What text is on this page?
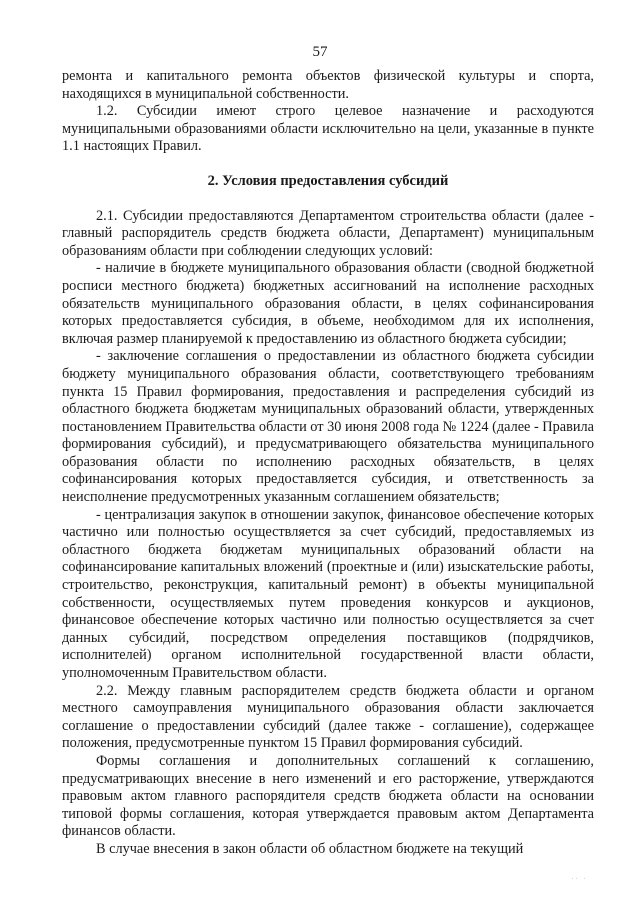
57

ремонта и капитального ремонта объектов физической культуры и спорта, находящихся в муниципальной собственности.

1.2. Субсидии имеют строго целевое назначение и расходуются муниципальными образованиями области исключительно на цели, указанные в пункте 1.1 настоящих Правил.

2. Условия предоставления субсидий

2.1. Субсидии предоставляются Департаментом строительства области (далее - главный распорядитель средств бюджета области, Департамент) муниципальным образованиям области при соблюдении следующих условий:

- наличие в бюджете муниципального образования области (сводной бюджетной росписи местного бюджета) бюджетных ассигнований на исполнение расходных обязательств муниципального образования области, в целях софинансирования которых предоставляется субсидия, в объеме, необходимом для их исполнения, включая размер планируемой к предоставлению из областного бюджета субсидии;

- заключение соглашения о предоставлении из областного бюджета субсидии бюджету муниципального образования области, соответствующего требованиям пункта 15 Правил формирования, предоставления и распределения субсидий из областного бюджета бюджетам муниципальных образований области, утвержденных постановлением Правительства области от 30 июня 2008 года № 1224 (далее - Правила формирования субсидий), и предусматривающего обязательства муниципального образования области по исполнению расходных обязательств, в целях софинансирования которых предоставляется субсидия, и ответственность за неисполнение предусмотренных указанным соглашением обязательств;

- централизация закупок в отношении закупок, финансовое обеспечение которых частично или полностью осуществляется за счет субсидий, предоставляемых из областного бюджета бюджетам муниципальных образований области на софинансирование капитальных вложений (проектные и (или) изыскательские работы, строительство, реконструкция, капитальный ремонт) в объекты муниципальной собственности, осуществляемых путем проведения конкурсов и аукционов, финансовое обеспечение которых частично или полностью осуществляется за счет данных субсидий, посредством определения поставщиков (подрядчиков, исполнителей) органом исполнительной государственной власти области, уполномоченным Правительством области.

2.2. Между главным распорядителем средств бюджета области и органом местного самоуправления муниципального образования области заключается соглашение о предоставлении субсидий (далее также - соглашение), содержащее положения, предусмотренные пунктом 15 Правил формирования субсидий.

Формы соглашения и дополнительных соглашений к соглашению, предусматривающих внесение в него изменений и его расторжение, утверждаются правовым актом главного распорядителя средств бюджета области на основании типовой формы соглашения, которая утверждается правовым актом Департамента финансов области.

В случае внесения в закон области об областном бюджете на текущий

ˈˈ ˈ
